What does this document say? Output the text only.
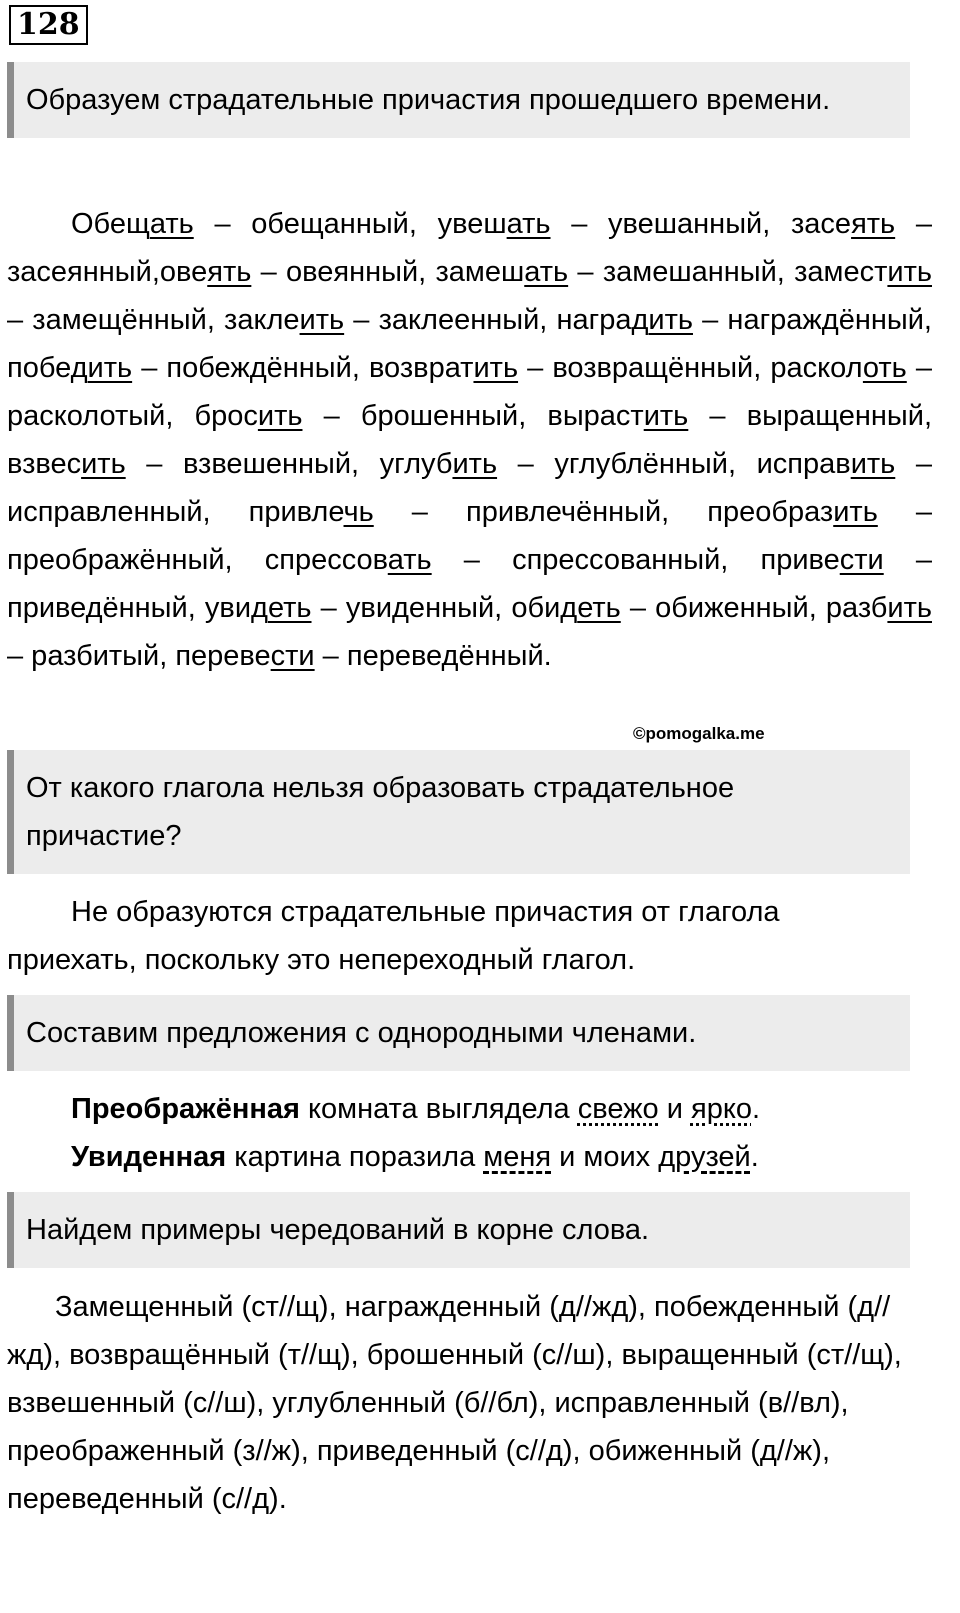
128
Образуем страдательные причастия прошедшего времени.
Обещать – обещанный, увешать – увешанный, засеять – засеянный,овеять – овеянный, замешать – замешанный, заместить – замещённый, заклеить – заклеенный, наградить – награждённый, победить – побеждённый, возвратить – возвращённый, расколоть – расколотый, бросить – брошенный, вырастить – выращенный, взвесить – взвешенный, углубить – углублённый, исправить – исправленный, привлечь – привлечённый, преобразить – преображённый, спрессовать – спрессованный, привести – приведённый, увидеть – увиденный, обидеть – обиженный, разбить – разбитый, перевести – переведённый.
©pomogalka.me
От какого глагола нельзя образовать страдательное причастие?
Не образуются страдательные причастия от глагола приехать, поскольку это непереходный глагол.
Составим предложения с однородными членами.
Преображённая комната выглядела свежо и ярко.
Увиденная картина поразила меня и моих друзей.
Найдем примеры чередований в корне слова.
Замещенный (ст//щ), награжденный (д//жд), побежденный (д//жд), возвращённый (т//щ), брошенный (с//ш), выращенный (ст//щ), взвешенный (с//ш), углубленный (б//бл), исправленный (в//вл), преображенный (з//ж), приведенный (с//д), обиженный (д//ж), переведенный (с//д).
